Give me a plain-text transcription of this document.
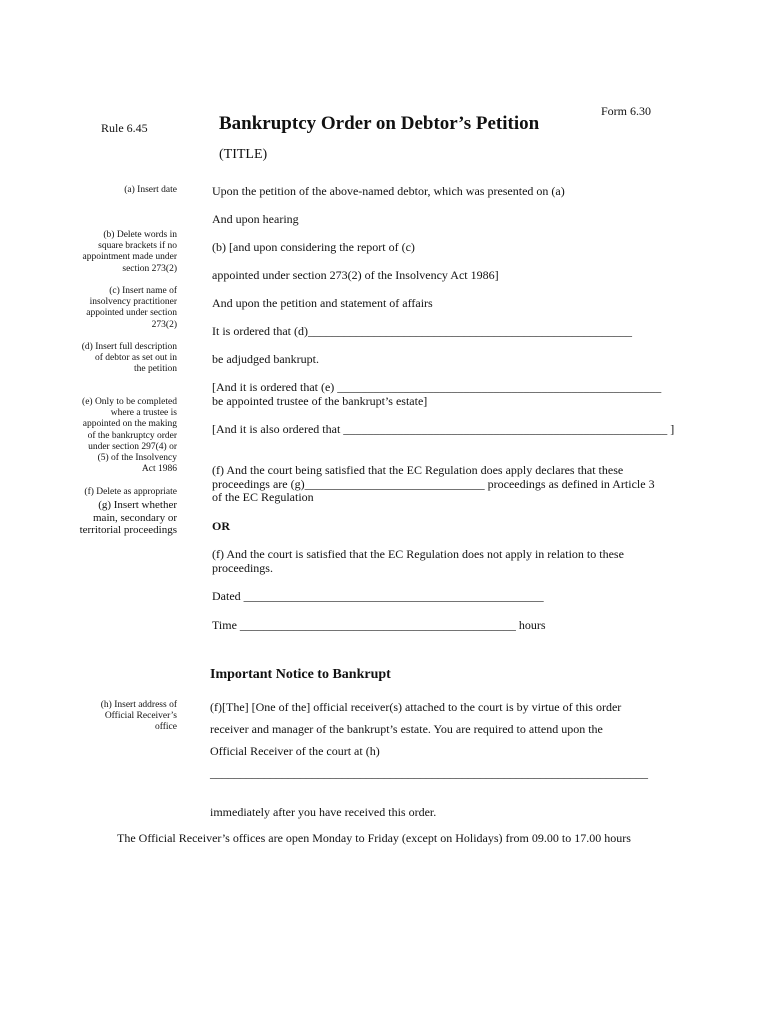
Form 6.30
Rule 6.45	Bankruptcy Order on Debtor’s Petition
(TITLE)
(a) Insert date
(b) Delete words in
square brackets if no
appointment made under
section 273(2)
(c) Insert name of
insolvency practitioner
appointed under section
273(2)
(d) Insert full description
of debtor as set out in
the petition
(e) Only to be completed
where a trustee is
appointed on the making
of the bankruptcy order
under section 297(4) or
(5) of the Insolvency
Act 1986
(f) Delete as appropriate
(g) Insert whether
main, secondary or
territorial proceedings
(h) Insert address of
Official Receiver’s
office
Upon the petition of the above-named debtor, which was presented on (a)
And upon hearing
(b) [and upon considering the report of (c)
appointed under section 273(2) of the Insolvency Act 1986]
And upon the petition and statement of affairs
It is ordered that (d)______________________________________________________
be adjudged bankrupt.
[And it is ordered that (e) ______________________________________________________
be appointed trustee of the bankrupt’s estate]
[And it is also ordered that ______________________________________________________ ]
(f) And the court being satisfied that the EC Regulation does apply declares that these
proceedings are (g)______________________________ proceedings as defined in Article 3
of the EC Regulation
OR
(f) And the court is satisfied that the EC Regulation does not apply in relation to these
proceedings.
Dated __________________________________________________
Time ______________________________________________ hours
Important Notice to Bankrupt
(f)[The] [One of the] official receiver(s) attached to the court is by virtue of this order
receiver and manager of the bankrupt’s estate. You are required to attend upon the
Official Receiver of the court at (h)
_________________________________________________________________________
immediately after you have received this order.
The Official Receiver’s offices are open Monday to Friday (except on Holidays) from 09.00 to 17.00 hours
